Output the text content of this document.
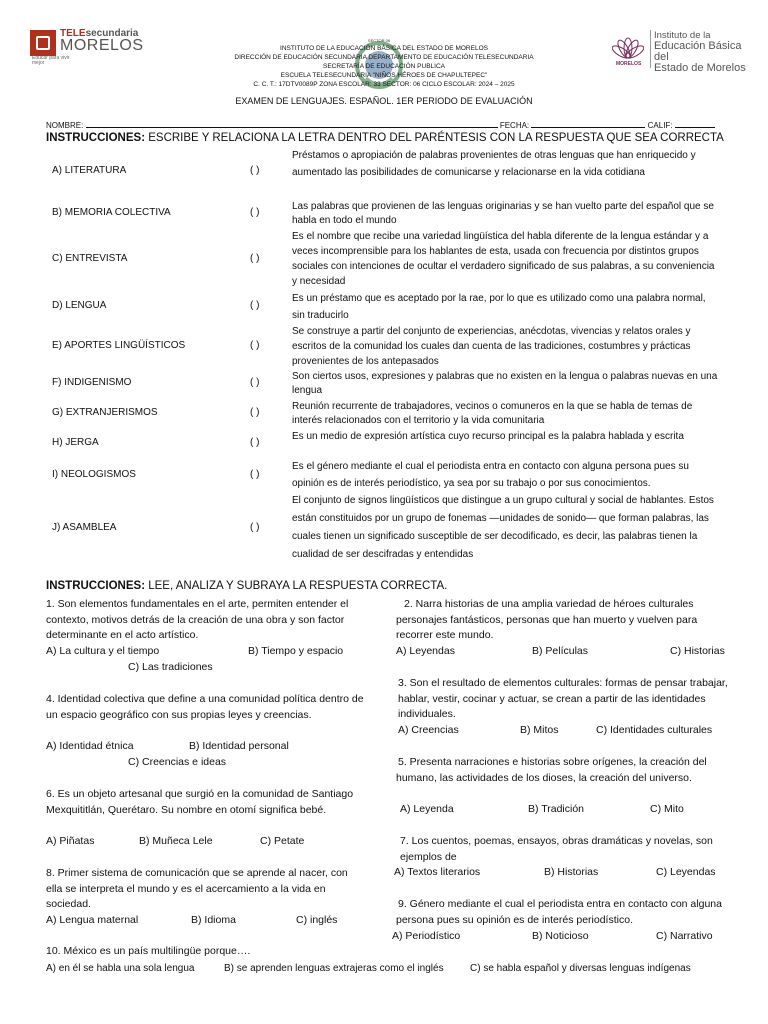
TELEsecundaria
MORELOS
Educar para vivir mejor
SECTOR 06
MORELOS
Instituto de la
Educación Básica del
Estado de Morelos
INSTITUTO DE LA EDUCACIÓN BÁSICA DEL ESTADO DE MORELOS
DIRECCIÓN DE EDUCACIÓN SECUNDARIA DEPARTAMENTO DE EDUCACIÓN TELESECUNDARIA
SECRETARÍA DE EDUCACIÓN PUBLICA
ESCUELA TELESECUNDARIA "NIÑOS HÉROES DE CHAPULTEPEC"
C. C. T.: 17DTV0089P ZONA ESCOLAR: 33 SECTOR: 06 CICLO ESCOLAR: 2024 – 2025
EXAMEN DE LENGUAJES. ESPAÑOL. 1ER PERIODO DE EVALUACIÓN
NOMBRE:	FECHA:	CALIF:
INSTRUCCIONES: ESCRIBE Y RELACIONA LA LETRA DENTRO DEL PARÉNTESIS CON LA RESPUESTA QUE SEA CORRECTA
A) LITERATURA	( )
Préstamos o apropiación de palabras provenientes de otras lenguas que han enriquecido y aumentado las posibilidades de comunicarse y relacionarse en la vida cotidiana
B) MEMORIA COLECTIVA	( )
Las palabras que provienen de las lenguas originarias y se han vuelto parte del español que se habla en todo el mundo
C) ENTREVISTA	( )
Es el nombre que recibe una variedad lingüística del habla diferente de la lengua estándar y a veces incomprensible para los hablantes de esta, usada con frecuencia por distintos grupos sociales con intenciones de ocultar el verdadero significado de sus palabras, a su conveniencia y necesidad
D) LENGUA	( )
Es un préstamo que es aceptado por la rae, por lo que es utilizado como una palabra normal, sin traducirlo
E) APORTES LINGÜÍSTICOS	( )
Se construye a partir del conjunto de experiencias, anécdotas, vivencias y relatos orales y escritos de la comunidad los cuales dan cuenta de las tradiciones, costumbres y prácticas provenientes de los antepasados
F) INDIGENISMO	( )
Son ciertos usos, expresiones y palabras que no existen en la lengua o palabras nuevas en una lengua
G) EXTRANJERISMOS	( )
Reunión recurrente de trabajadores, vecinos o comuneros en la que se habla de temas de interés relacionados con el territorio y la vida comunitaria
H) JERGA	( )
Es un medio de expresión artística cuyo recurso principal es la palabra hablada y escrita
I) NEOLOGISMOS	( )
Es el género mediante el cual el periodista entra en contacto con alguna persona pues su opinión es de interés periodístico, ya sea por su trabajo o por sus conocimientos.
J) ASAMBLEA	( )
El conjunto de signos lingüísticos que distingue a un grupo cultural y social de hablantes. Estos están constituidos por un grupo de fonemas —unidades de sonido— que forman palabras, las cuales tienen un significado susceptible de ser decodificado, es decir, las palabras tienen la cualidad de ser descifradas y entendidas
INSTRUCCIONES: LEE, ANALIZA Y SUBRAYA LA RESPUESTA CORRECTA.
1. Son elementos fundamentales en el arte, permiten entender el contexto, motivos detrás de la creación de una obra y son factor determinante en el acto artístico.
A) La cultura y el tiempo	B) Tiempo y espacio
C) Las tradiciones
2. Narra historias de una amplia variedad de héroes culturales personajes fantásticos, personas que han muerto y vuelven para recorrer este mundo.
A) Leyendas	B) Películas	C) Historias
3. Son el resultado de elementos culturales: formas de pensar trabajar, hablar, vestir, cocinar y actuar, se crean a partir de las identidades individuales.
A) Creencias	B) Mitos	C) Identidades culturales
4. Identidad colectiva que define a una comunidad política dentro de un espacio geográfico con sus propias leyes y creencias.
A) Identidad étnica	B) Identidad personal
C) Creencias e ideas	5. Presenta narraciones e historias sobre orígenes, la creación del humano, las actividades de los dioses, la creación del universo.
A) Leyenda	B) Tradición	C) Mito
6. Es un objeto artesanal que surgió en la comunidad de Santiago Mexquititlán, Querétaro. Su nombre en otomí significa bebé.
A) Piñatas	B) Muñeca Lele	C) Petate	7. Los cuentos, poemas, ensayos, obras dramáticas y novelas, son ejemplos de
A) Textos literarios	B) Historias	C) Leyendas
8. Primer sistema de comunicación que se aprende al nacer, con ella se interpreta el mundo y es el acercamiento a la vida en sociedad.
A) Lengua maternal	B) Idioma	C) inglés
9. Género mediante el cual el periodista entra en contacto con alguna persona pues su opinión es de interés periodístico.
A) Periodístico	B) Noticioso	C) Narrativo
10. México es un país multilingüe porque….
A) en él se habla una sola lengua	B) se aprenden lenguas extrajeras como el inglés	C) se habla español y diversas lenguas indígenas
